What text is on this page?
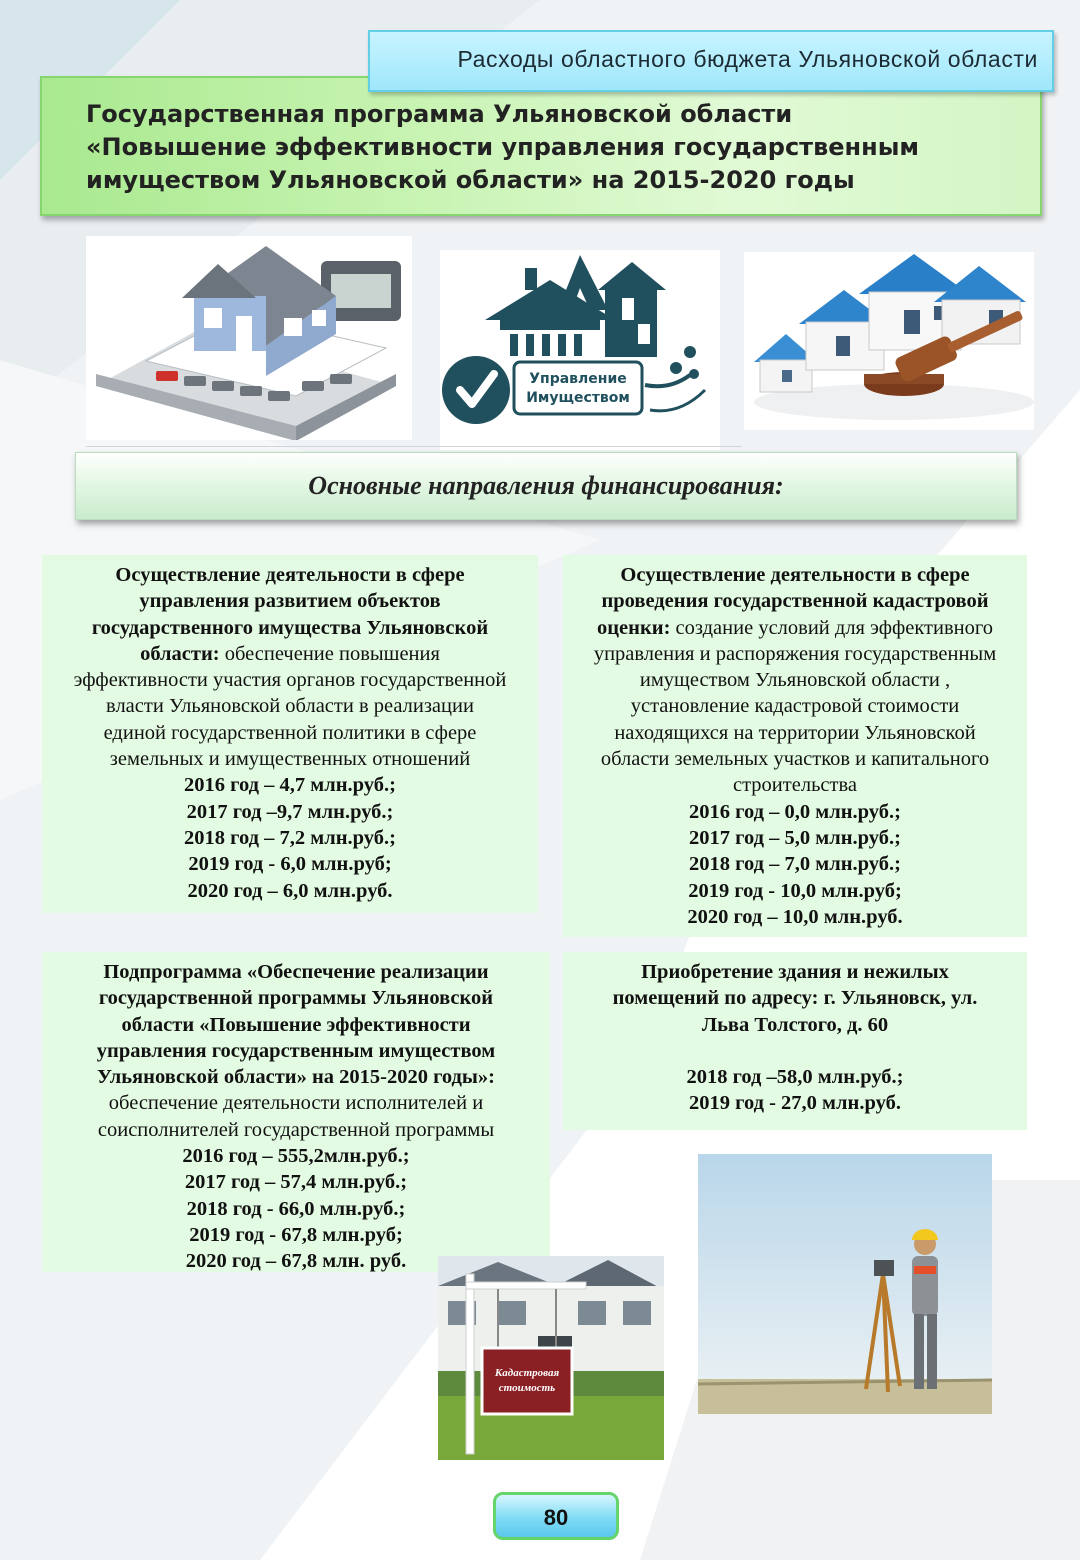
Расходы областного бюджета Ульяновской области
Государственная программа Ульяновской области
«Повышение эффективности управления государственным
имуществом Ульяновской области» на 2015-2020 годы
Управление
Имуществом
Основные направления финансирования:
Осуществление деятельности в сфере
управления развитием объектов
государственного имущества Ульяновской
области: обеспечение повышения
эффективности участия органов государственной
власти Ульяновской области в реализации
единой государственной политики в сфере
земельных и имущественных отношений
2016 год – 4,7 млн.руб.;
2017 год –9,7 млн.руб.;
2018 год – 7,2 млн.руб.;
2019 год - 6,0 млн.руб;
2020 год – 6,0 млн.руб.
Осуществление деятельности в сфере
проведения государственной кадастровой
оценки: создание условий для эффективного
управления и распоряжения государственным
имуществом Ульяновской области ,
установление кадастровой стоимости
находящихся на территории Ульяновской
области земельных участков и капитального
строительства
2016 год – 0,0 млн.руб.;
2017 год – 5,0 млн.руб.;
2018 год – 7,0 млн.руб.;
2019 год - 10,0 млн.руб;
2020 год – 10,0 млн.руб.
Подпрограмма «Обеспечение реализации
государственной программы Ульяновской
области «Повышение эффективности
управления государственным имуществом
Ульяновской области» на 2015-2020 годы»:
обеспечение деятельности исполнителей и
соисполнителей государственной программы
2016 год – 555,2млн.руб.;
2017 год – 57,4 млн.руб.;
2018 год - 66,0 млн.руб.;
2019 год - 67,8 млн.руб;
2020 год – 67,8 млн. руб.
Приобретение здания и нежилых
помещений по адресу: г. Ульяновск, ул.
Льва Толстого, д. 60
2018 год –58,0 млн.руб.;
2019 год - 27,0 млн.руб.
Кадастровая
стоимость
80
